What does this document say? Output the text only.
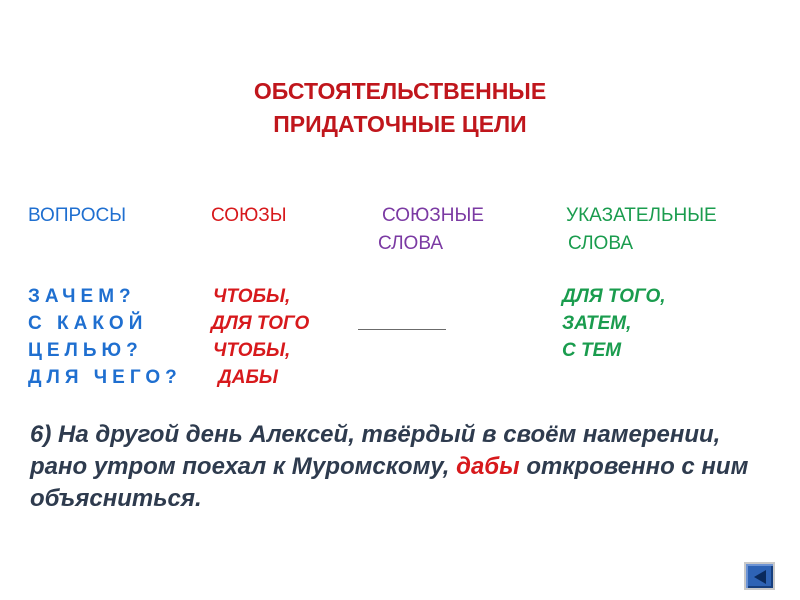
ОБСТОЯТЕЛЬСТВЕННЫЕ
ПРИДАТОЧНЫЕ ЦЕЛИ
ВОПРОСЫ	СОЮЗЫ	СОЮЗНЫЕ
СЛОВА
УКАЗАТЕЛЬНЫЕ
СЛОВА
ЗАЧЕМ?
С КАКОЙ
ЦЕЛЬЮ?
ДЛЯ ЧЕГО?
ЧТОБЫ,
ДЛЯ ТОГО
ЧТОБЫ,
ДАБЫ
ДЛЯ ТОГО,
ЗАТЕМ,
С ТЕМ
6) На другой день Алексей, твёрдый в своём намерении, рано утром поехал к Муромскому, дабы откровенно с ним объясниться.
